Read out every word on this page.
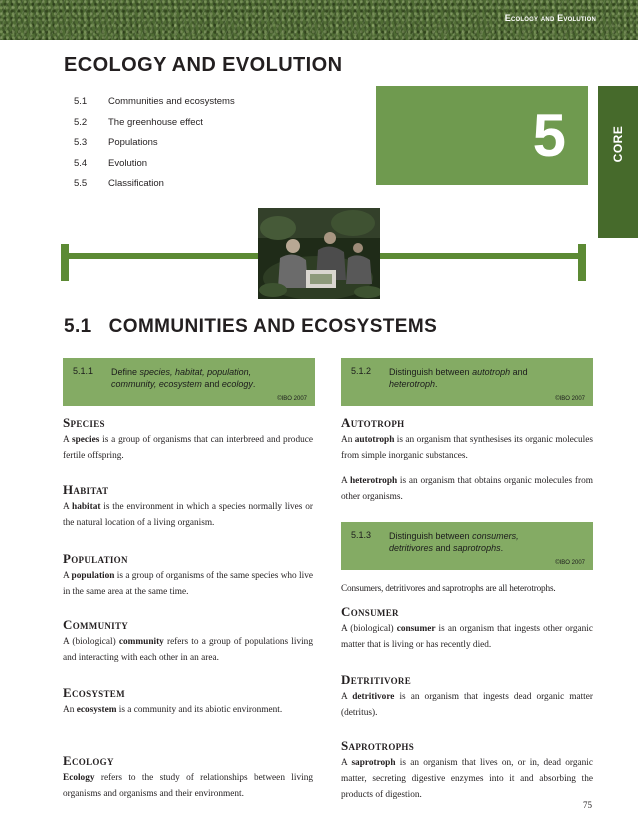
Ecology and Evolution
ECOLOGY AND EVOLUTION
5.1	Communities and ecosystems
5.2	The greenhouse effect
5.3	Populations
5.4	Evolution
5.5	Classification
5	CORE
5.1   COMMUNITIES AND ECOSYSTEMS
5.1.1 Define species, habitat, population,
community, ecosystem and ecology.
©IBO 2007
5.1.2 Distinguish between autotroph and
heterotroph.
©IBO 2007
Species

A species is a group of organisms that can interbreed and produce fertile offspring.

Habitat

A habitat is the environment in which a species normally lives or the natural location of a living organism.

Population

A population is a group of organisms of the same species who live in the same area at the same time.

Community

A (biological) community refers to a group of populations living and interacting with each other in an area.

Ecosystem

An ecosystem is a community and its abiotic environment.

Ecology

Ecology refers to the study of relationships between living organisms and organisms and their environment.

Autotroph

An autotroph is an organism that synthesises its organic molecules from simple inorganic substances.

A heterotroph is an organism that obtains organic molecules from other organisms.

5.1.3 Distinguish between consumers,
detritivores and saprotrophs.
©IBO 2007

Consumers, detritivores and saprotrophs are all heterotrophs.

Consumer

A (biological) consumer is an organism that ingests other organic matter that is living or has recently died.

Detritivore

A detritivore is an organism that ingests dead organic matter (detritus).

Saprotrophs

A saprotroph is an organism that lives on, or in, dead organic matter, secreting digestive enzymes into it and absorbing the products of digestion.

75
